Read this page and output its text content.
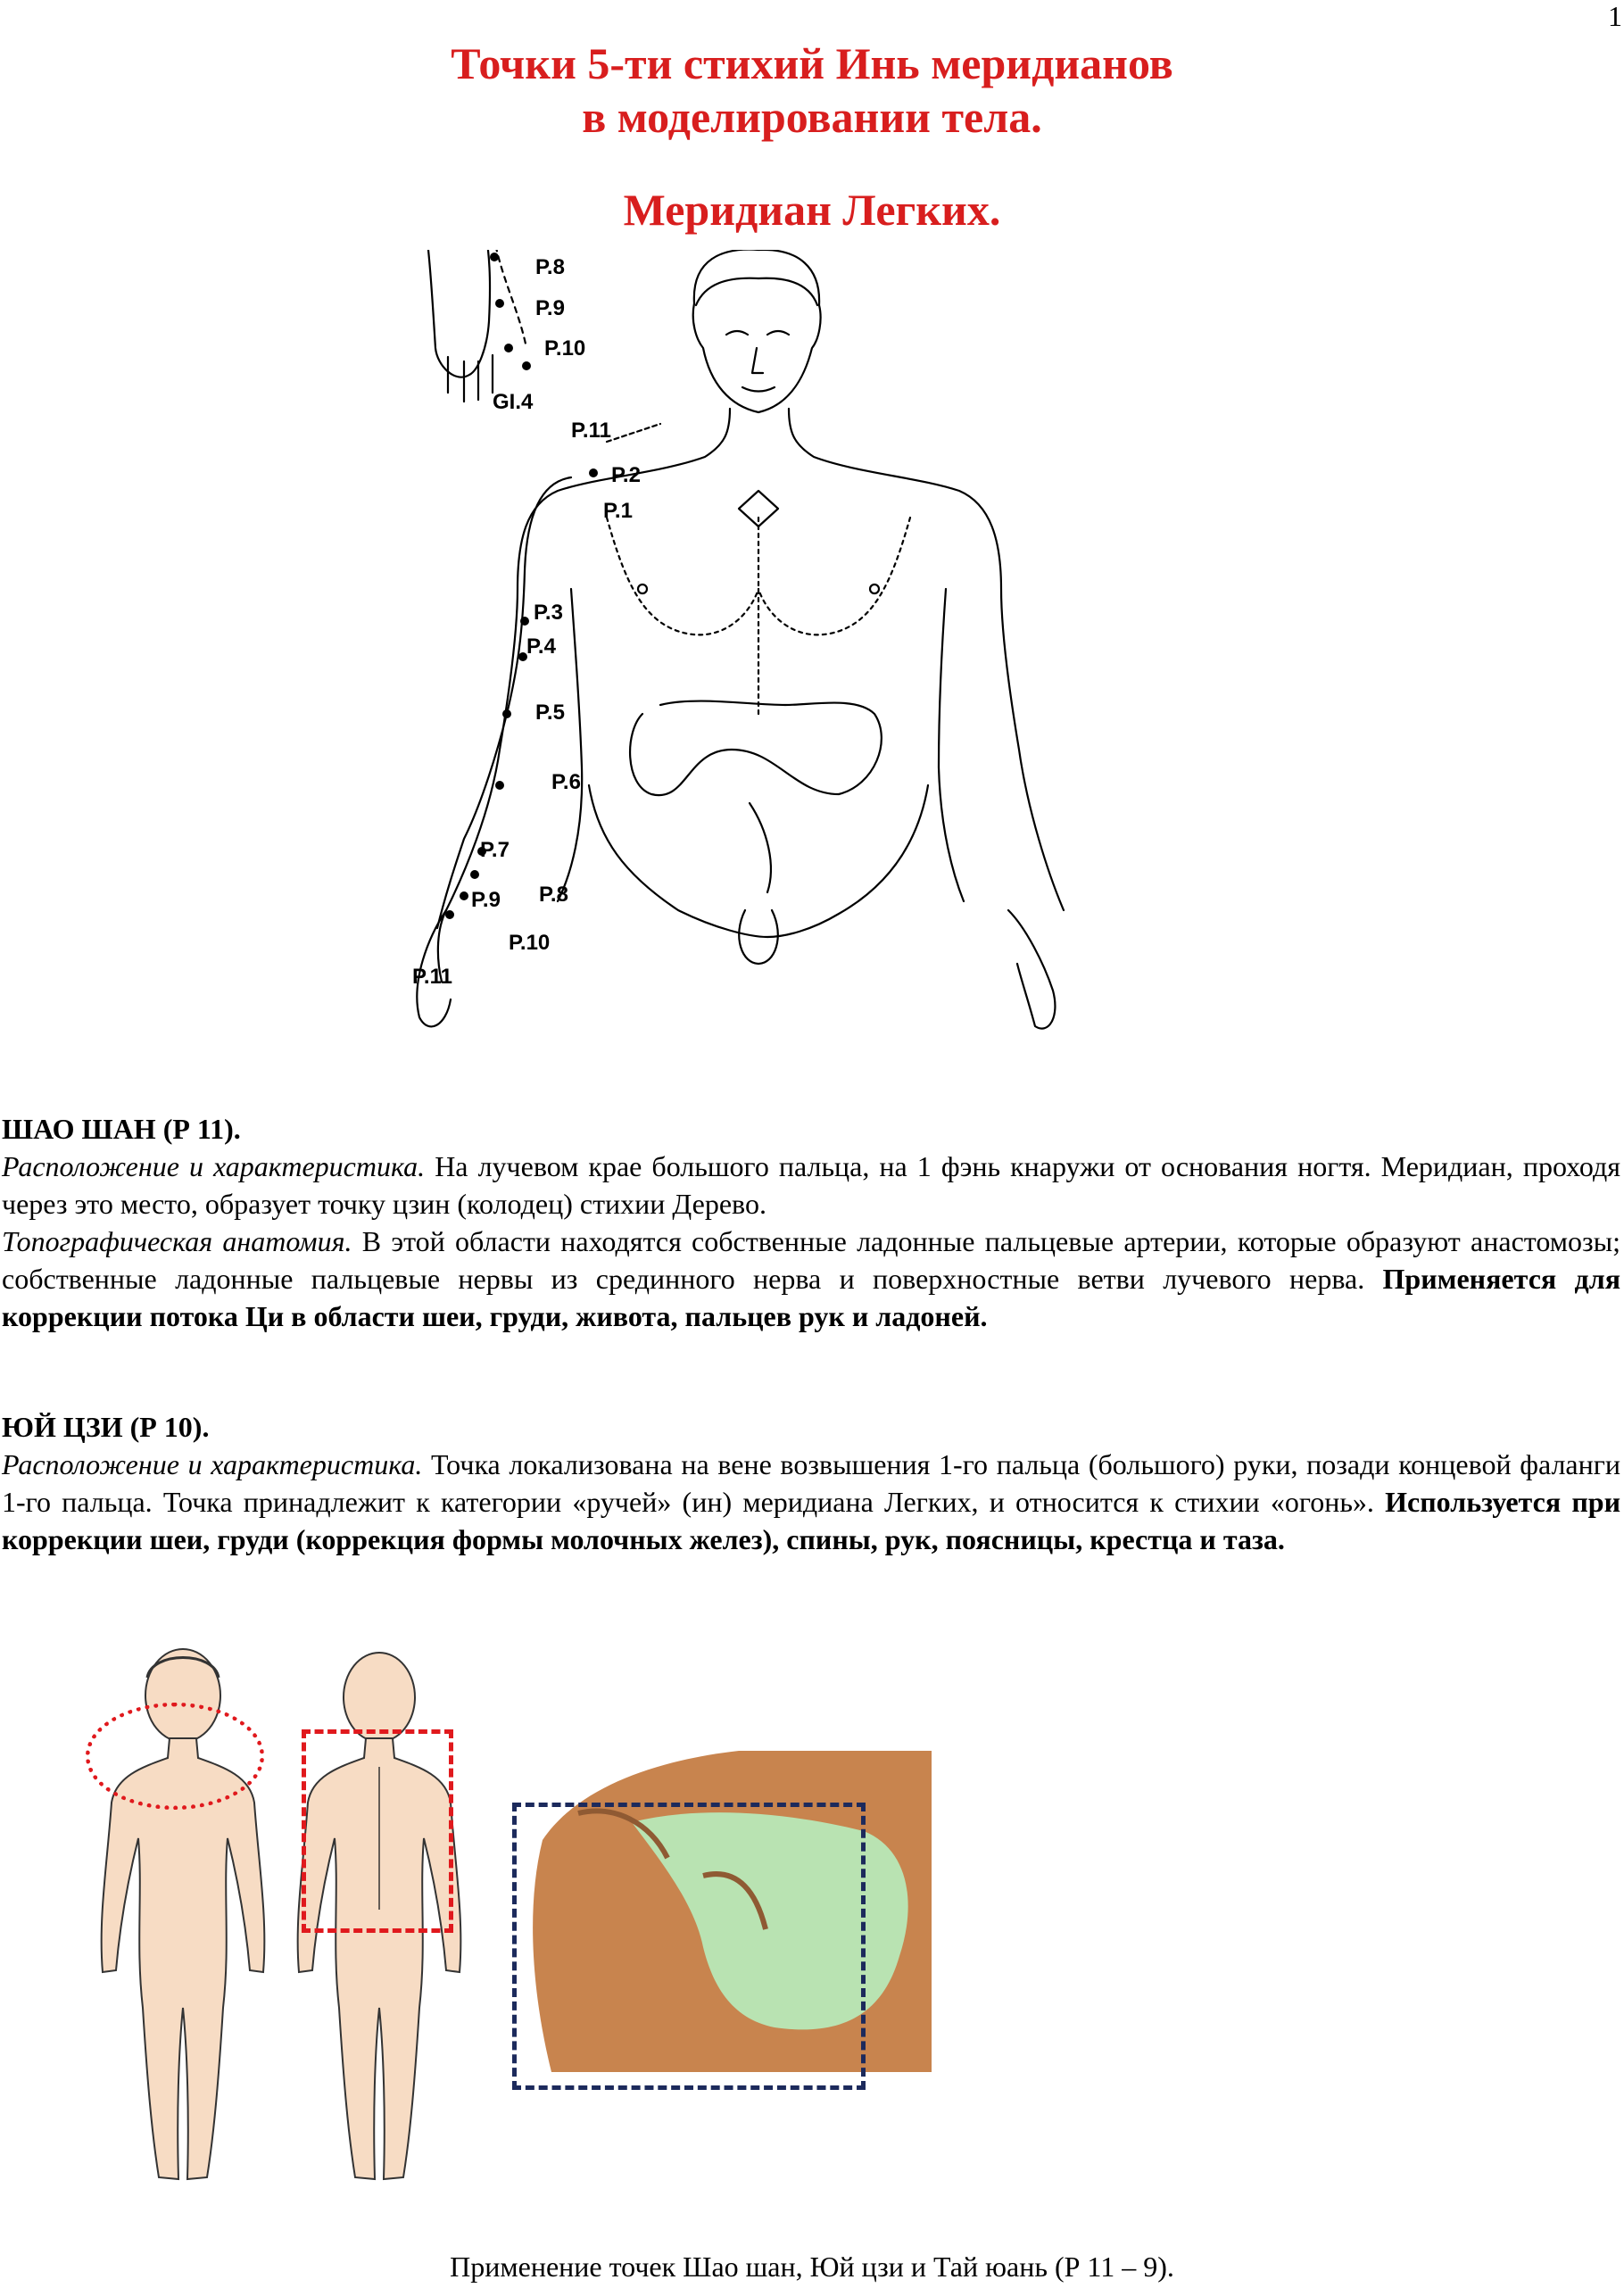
1
Точки 5-ти стихий Инь меридианов
в моделировании тела.
Меридиан Легких.
P.8
P.9
P.10
GI.4
P.11
P.2
P.1
P.3
P.4
P.5
P.6
P.7
P.9 P.8
P.10
P.11

ШАО ШАН (Р 11).

Расположение и характеристика. На лучевом крае большого пальца, на 1 фэнь кнаружи от основания ногтя. Меридиан, проходя через это место, образует точку цзин (колодец) стихии Дерево.

Топографическая анатомия. В этой области находятся собственные ладонные пальцевые артерии, которые образуют анастомозы; собственные ладонные пальцевые нервы из срединного нерва и поверхностные ветви лучевого нерва. Применяется для коррекции потока Ци в области шеи, груди, живота, пальцев рук и ладоней.

ЮЙ ЦЗИ (Р 10).

Расположение и характеристика. Точка локализована на вене возвышения 1-го пальца (большого) руки, позади концевой фаланги 1-го пальца. Точка принадлежит к категории «ручей» (ин) меридиана Легких, и относится к стихии «огонь». Используется при коррекции шеи, груди (коррекция формы молочных желез), спины, рук, поясницы, крестца и таза.

Применение точек Шао шан, Юй цзи и Тай юань (Р 11 – 9).
